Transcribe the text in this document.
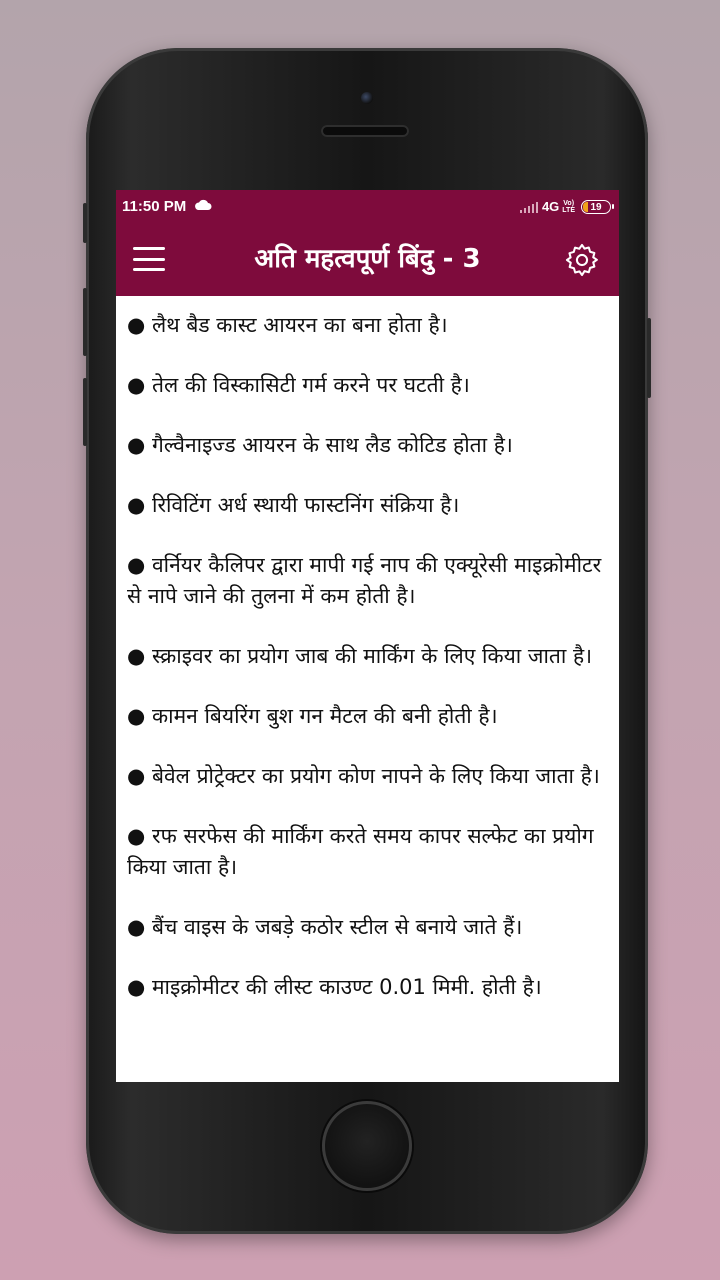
11:50 PM	4G Vo)
LTE	19
अति महत्वपूर्ण बिंदु - 3
● लैथ बैड कास्ट आयरन का बना होता है।
● तेल की विस्कासिटी गर्म करने पर घटती है।
● गैल्वैनाइज्ड आयरन के साथ लैड कोटिड होता है।
● रिविटिंग अर्ध स्थायी फास्टनिंग संक्रिया है।
● वर्नियर कैलिपर द्वारा मापी गई नाप की एक्यूरेसी माइक्रोमीटर से नापे जाने की तुलना में कम होती है।
● स्क्राइवर का प्रयोग जाब की मार्किंग के लिए किया जाता है।
● कामन बियरिंग बुश गन मैटल की बनी होती है।
● बेवेल प्रोट्रेक्टर का प्रयोग कोण नापने के लिए किया जाता है।
● रफ सरफेस की मार्किंग करते समय कापर सल्फेट का प्रयोग किया जाता है।
● बैंच वाइस के जबड़े कठोर स्टील से बनाये जाते हैं।
● माइक्रोमीटर की लीस्ट काउण्ट 0.01 मिमी. होती है।
